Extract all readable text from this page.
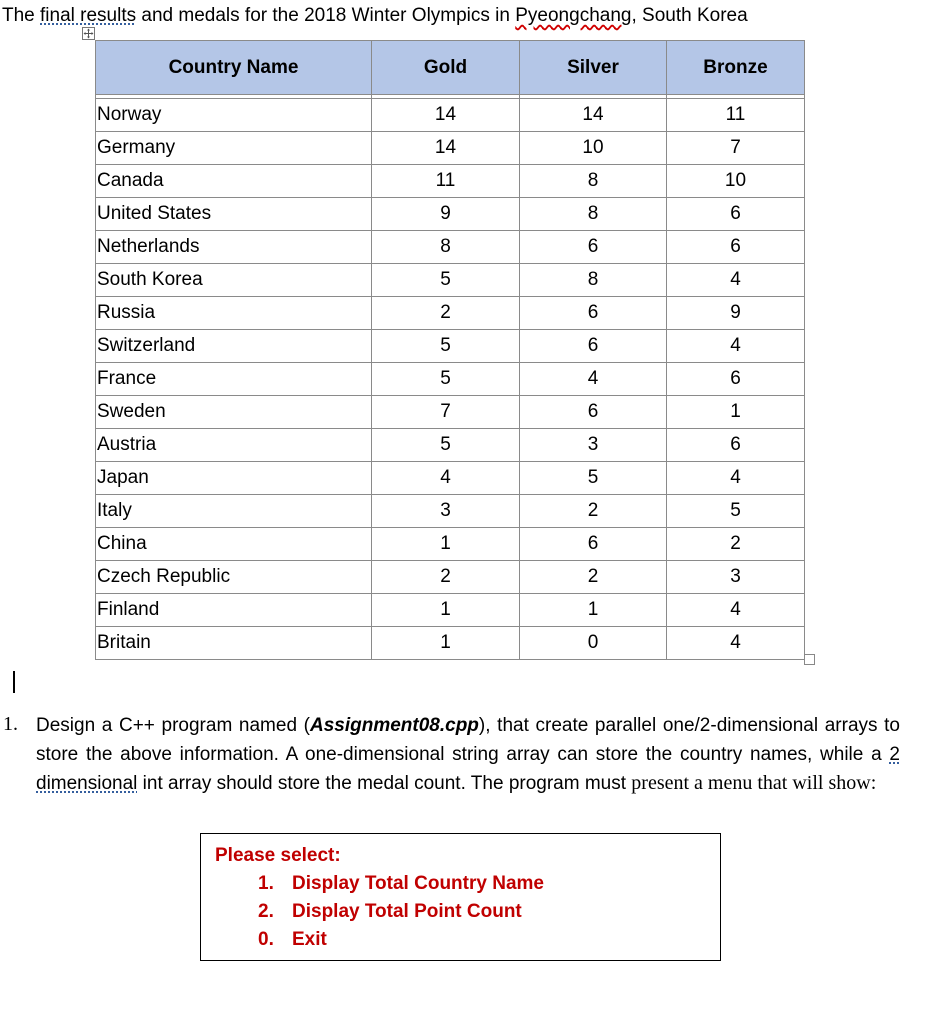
The final results and medals for the 2018 Winter Olympics in Pyeongchang, South Korea
Country Name	Gold	Silver	Bronze

Norway	14	14	11
Germany	14	10	7
Canada	11	8	10
United States	9	8	6
Netherlands	8	6	6
South Korea	5	8	4
Russia	2	6	9
Switzerland	5	6	4
France	5	4	6
Sweden	7	6	1
Austria	5	3	6
Japan	4	5	4
Italy	3	2	5
China	1	6	2
Czech Republic	2	2	3
Finland	1	1	4
Britain	1	0	4
1. Design a C++ program named (Assignment08.cpp), that create parallel one/2-dimensional arrays to store the above information. A one-dimensional string array can store the country names, while a 2 dimensional int array should store the medal count. The program must present a menu that will show:
Please select:
1. Display Total Country Name
2. Display Total Point Count
0. Exit
